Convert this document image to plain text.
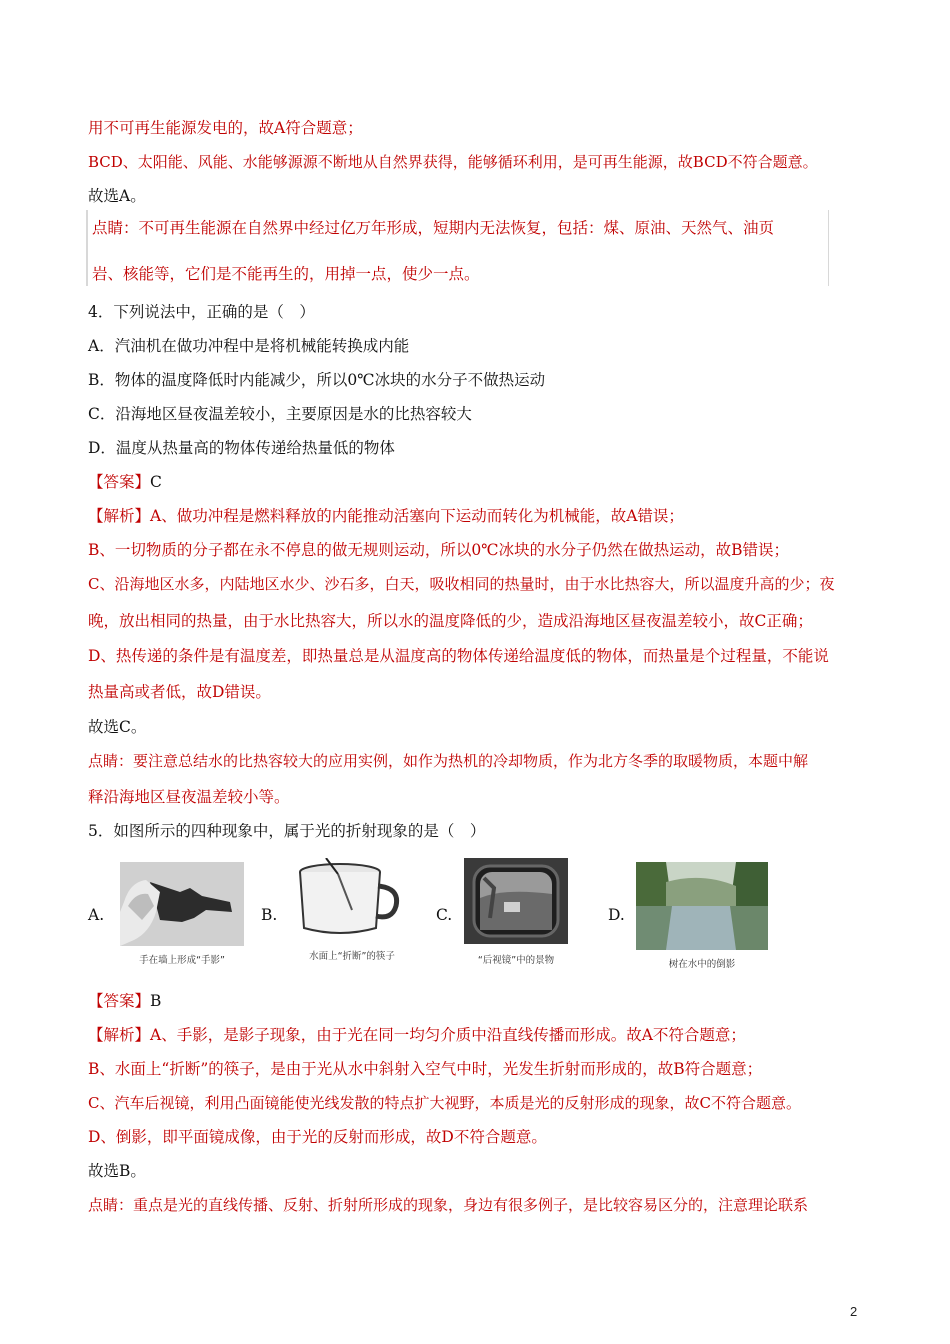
用不可再生能源发电的，故A符合题意；
BCD、太阳能、风能、水能够源源不断地从自然界获得，能够循环利用，是可再生能源，故BCD不符合题意。
故选A。
点睛：不可再生能源在自然界中经过亿万年形成，短期内无法恢复，包括：煤、原油、天然气、油页
岩、核能等，它们是不能再生的，用掉一点，使少一点。
4．下列说法中，正确的是（　）
A．汽油机在做功冲程中是将机械能转换成内能
B．物体的温度降低时内能减少，所以0℃冰块的水分子不做热运动
C．沿海地区昼夜温差较小，主要原因是水的比热容较大
D．温度从热量高的物体传递给热量低的物体
【答案】C
【解析】A、做功冲程是燃料释放的内能推动活塞向下运动而转化为机械能，故A错误；
B、一切物质的分子都在永不停息的做无规则运动，所以0℃冰块的水分子仍然在做热运动，故B错误；
C、沿海地区水多，内陆地区水少、沙石多，白天，吸收相同的热量时，由于水比热容大，所以温度升高的少；夜
晚，放出相同的热量，由于水比热容大，所以水的温度降低的少，造成沿海地区昼夜温差较小，故C正确；
D、热传递的条件是有温度差，即热量总是从温度高的物体传递给温度低的物体，而热量是个过程量，不能说
热量高或者低，故D错误。
故选C。
点睛：要注意总结水的比热容较大的应用实例，如作为热机的冷却物质，作为北方冬季的取暖物质，本题中解
释沿海地区昼夜温差较小等。
5．如图所示的四种现象中，属于光的折射现象的是（　）
A.
手在墙上形成“手影”
B.
水面上“折断”的筷子
C.
“后视镜”中的景物
D.
树在水中的倒影
【答案】B
【解析】A、手影，是影子现象，由于光在同一均匀介质中沿直线传播而形成。故A不符合题意；
B、水面上“折断”的筷子，是由于光从水中斜射入空气中时，光发生折射而形成的，故B符合题意；
C、汽车后视镜，利用凸面镜能使光线发散的特点扩大视野，本质是光的反射形成的现象，故C不符合题意。
D、倒影，即平面镜成像，由于光的反射而形成，故D不符合题意。
故选B。
点睛：重点是光的直线传播、反射、折射所形成的现象，身边有很多例子，是比较容易区分的，注意理论联系
2
